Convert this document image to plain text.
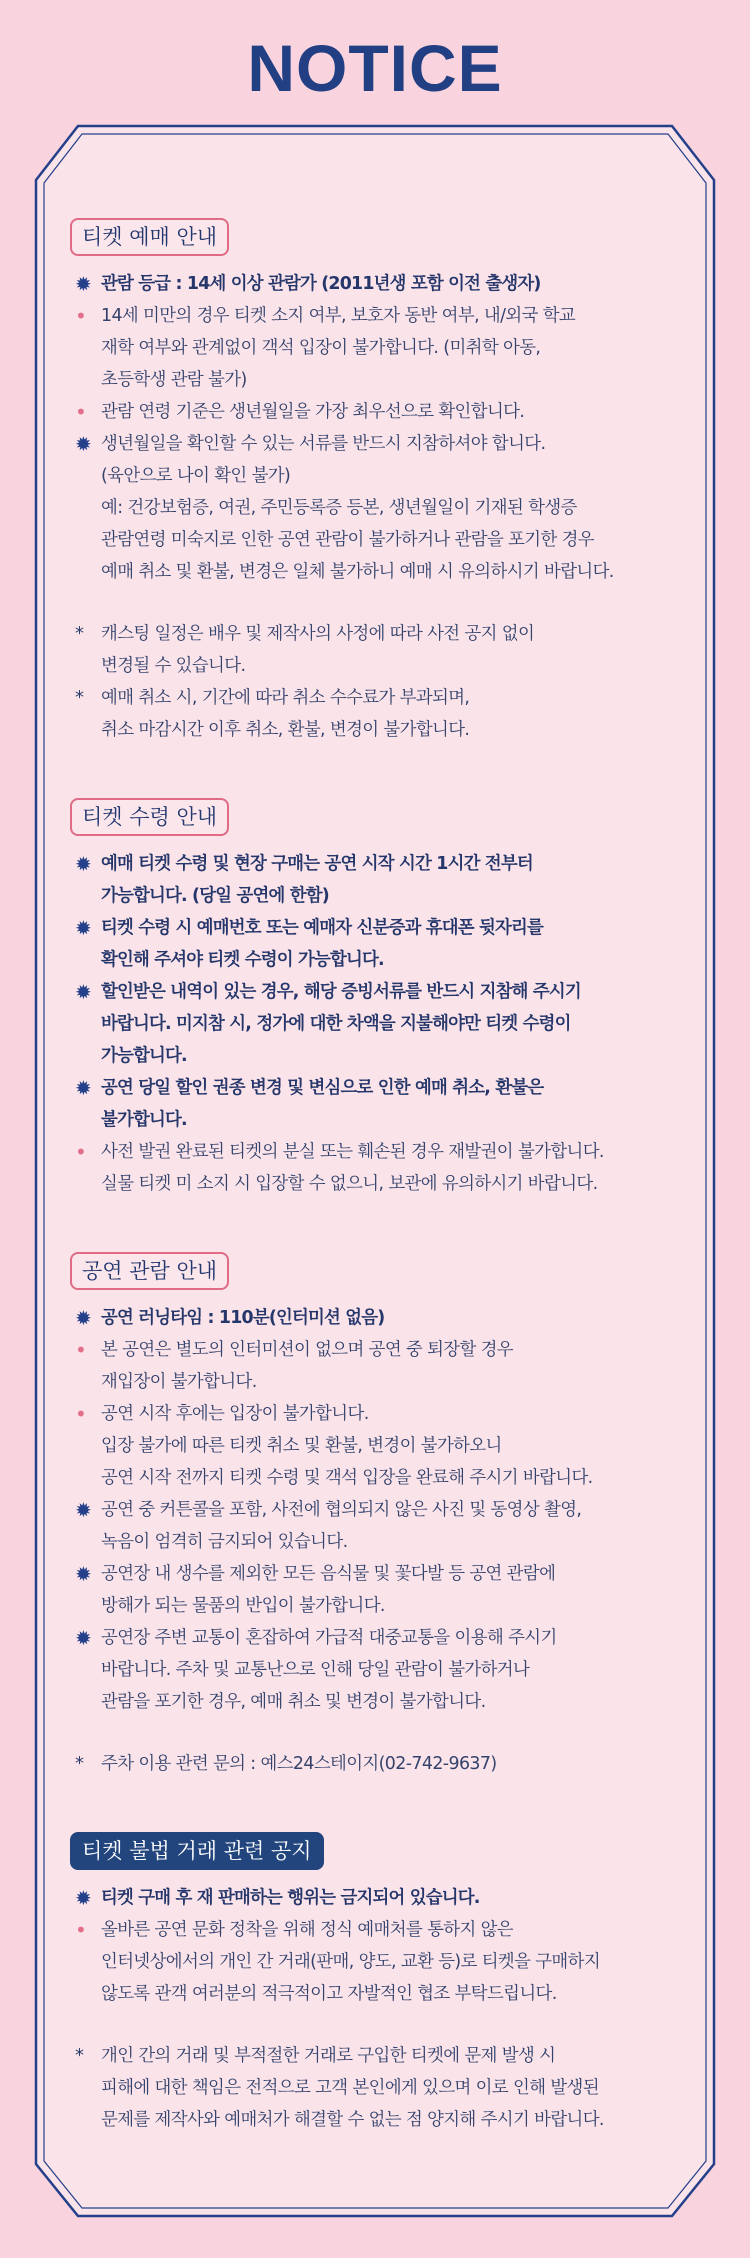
NOTICE
티켓 예매 안내
✹ 관람 등급 : 14세 이상 관람가 (2011년생 포함 이전 출생자)
• 14세 미만의 경우 티켓 소지 여부, 보호자 동반 여부, 내/외국 학교
재학 여부와 관계없이 객석 입장이 불가합니다. (미취학 아동,
초등학생 관람 불가)
• 관람 연령 기준은 생년월일을 가장 최우선으로 확인합니다.
✹ 생년월일을 확인할 수 있는 서류를 반드시 지참하셔야 합니다.
(육안으로 나이 확인 불가)
예: 건강보험증, 여권, 주민등록증 등본, 생년월일이 기재된 학생증
관람연령 미숙지로 인한 공연 관람이 불가하거나 관람을 포기한 경우
예매 취소 및 환불, 변경은 일체 불가하니 예매 시 유의하시기 바랍니다.
*	캐스팅 일정은 배우 및 제작사의 사정에 따라 사전 공지 없이
변경될 수 있습니다.
*	예매 취소 시, 기간에 따라 취소 수수료가 부과되며,
취소 마감시간 이후 취소, 환불, 변경이 불가합니다.
티켓 수령 안내
✹ 예매 티켓 수령 및 현장 구매는 공연 시작 시간 1시간 전부터
가능합니다. (당일 공연에 한함)
✹ 티켓 수령 시 예매번호 또는 예매자 신분증과 휴대폰 뒷자리를
확인해 주셔야 티켓 수령이 가능합니다.
✹ 할인받은 내역이 있는 경우, 해당 증빙서류를 반드시 지참해 주시기
바랍니다. 미지참 시, 정가에 대한 차액을 지불해야만 티켓 수령이
가능합니다.
✹ 공연 당일 할인 권종 변경 및 변심으로 인한 예매 취소, 환불은
불가합니다.
• 사전 발권 완료된 티켓의 분실 또는 훼손된 경우 재발권이 불가합니다.
실물 티켓 미 소지 시 입장할 수 없으니, 보관에 유의하시기 바랍니다.
공연 관람 안내
✹ 공연 러닝타임 : 110분(인터미션 없음)
• 본 공연은 별도의 인터미션이 없으며 공연 중 퇴장할 경우
재입장이 불가합니다.
• 공연 시작 후에는 입장이 불가합니다.
입장 불가에 따른 티켓 취소 및 환불, 변경이 불가하오니
공연 시작 전까지 티켓 수령 및 객석 입장을 완료해 주시기 바랍니다.
✹ 공연 중 커튼콜을 포함, 사전에 협의되지 않은 사진 및 동영상 촬영,
녹음이 엄격히 금지되어 있습니다.
✹ 공연장 내 생수를 제외한 모든 음식물 및 꽃다발 등 공연 관람에
방해가 되는 물품의 반입이 불가합니다.
✹ 공연장 주변 교통이 혼잡하여 가급적 대중교통을 이용해 주시기
바랍니다. 주차 및 교통난으로 인해 당일 관람이 불가하거나
관람을 포기한 경우, 예매 취소 및 변경이 불가합니다.
*	주차 이용 관련 문의 : 예스24스테이지(02-742-9637)
티켓 불법 거래 관련 공지
✹ 티켓 구매 후 재 판매하는 행위는 금지되어 있습니다.
• 올바른 공연 문화 정착을 위해 정식 예매처를 통하지 않은
인터넷상에서의 개인 간 거래(판매, 양도, 교환 등)로 티켓을 구매하지
않도록 관객 여러분의 적극적이고 자발적인 협조 부탁드립니다.
*	개인 간의 거래 및 부적절한 거래로 구입한 티켓에 문제 발생 시
피해에 대한 책임은 전적으로 고객 본인에게 있으며 이로 인해 발생된
문제를 제작사와 예매처가 해결할 수 없는 점 양지해 주시기 바랍니다.
